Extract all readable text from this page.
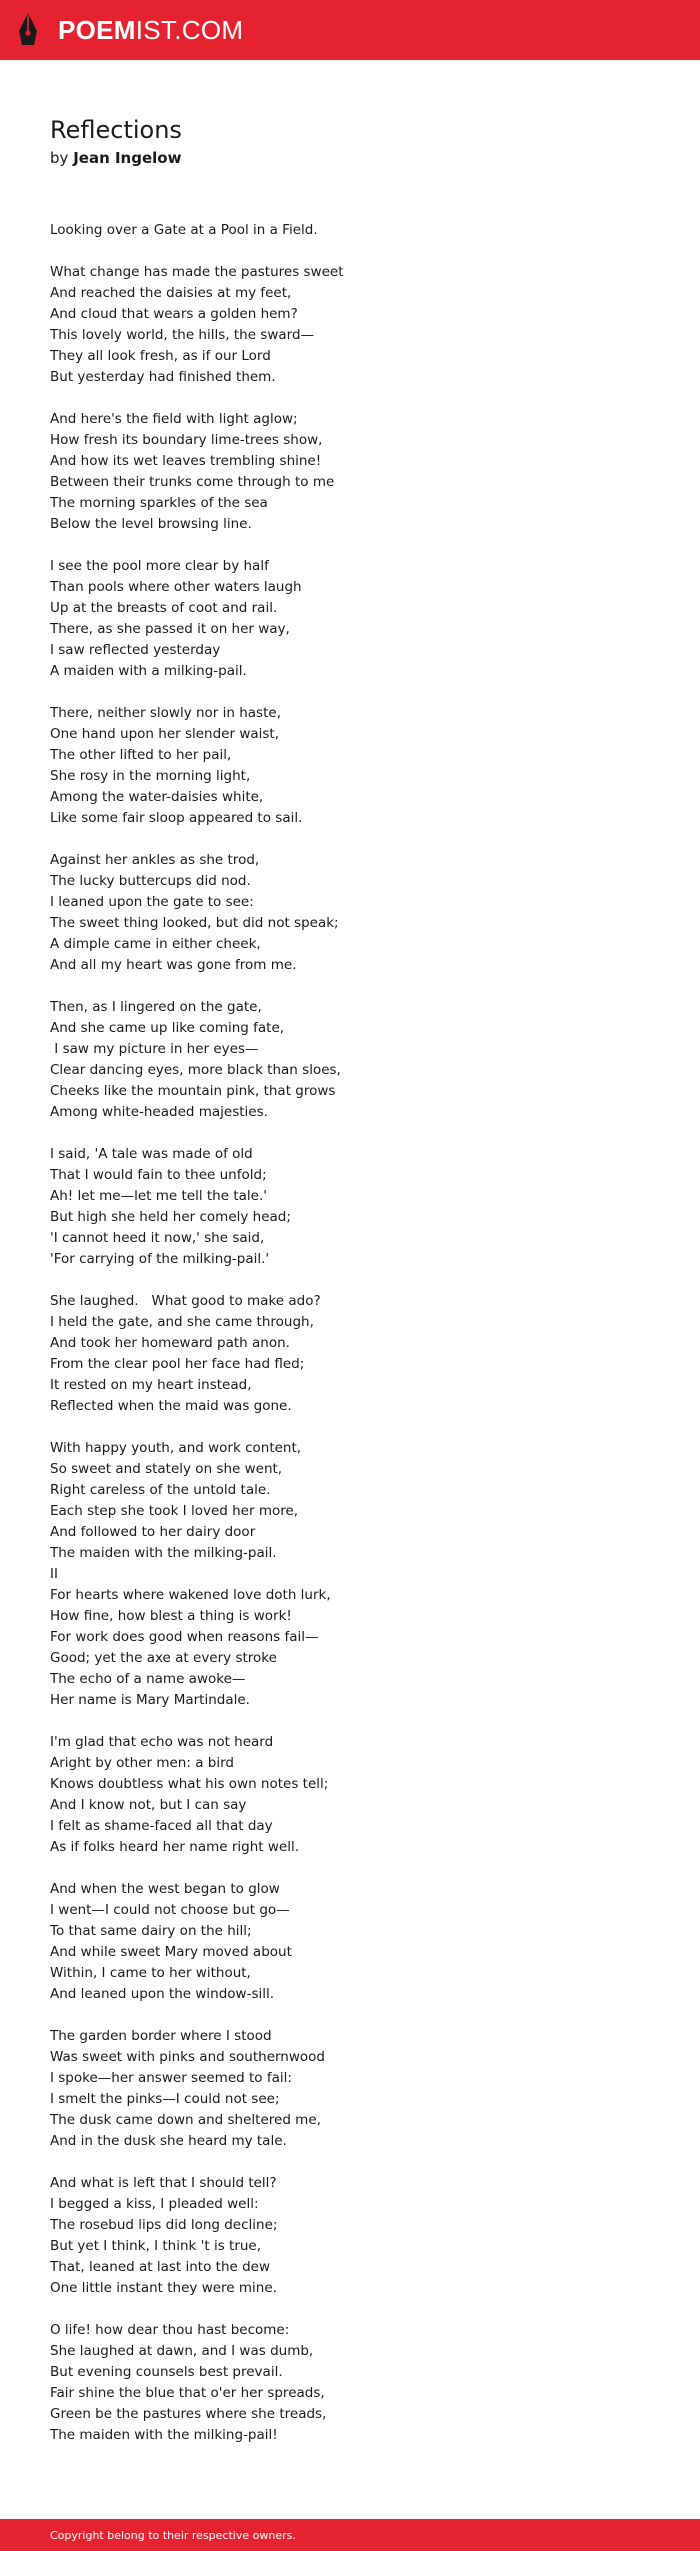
POEMIST.COM
Reflections
by Jean Ingelow
Looking over a Gate at a Pool in a Field.
What change has made the pastures sweet
And reached the daisies at my feet,
And cloud that wears a golden hem?
This lovely world, the hills, the sward—
They all look fresh, as if our Lord
But yesterday had finished them.
And here's the field with light aglow;
How fresh its boundary lime-trees show,
And how its wet leaves trembling shine!
Between their trunks come through to me
The morning sparkles of the sea
Below the level browsing line.
I see the pool more clear by half
Than pools where other waters laugh
Up at the breasts of coot and rail.
There, as she passed it on her way,
I saw reflected yesterday
A maiden with a milking-pail.
There, neither slowly nor in haste,
One hand upon her slender waist,
The other lifted to her pail,
She rosy in the morning light,
Among the water-daisies white,
Like some fair sloop appeared to sail.
Against her ankles as she trod,
The lucky buttercups did nod.
I leaned upon the gate to see:
The sweet thing looked, but did not speak;
A dimple came in either cheek,
And all my heart was gone from me.
Then, as I lingered on the gate,
And she came up like coming fate,
I saw my picture in her eyes—
Clear dancing eyes, more black than sloes,
Cheeks like the mountain pink, that grows
Among white-headed majesties.
I said, 'A tale was made of old
That I would fain to thee unfold;
Ah! let me—let me tell the tale.'
But high she held her comely head;
'I cannot heed it now,' she said,
'For carrying of the milking-pail.'
She laughed.   What good to make ado?
I held the gate, and she came through,
And took her homeward path anon.
From the clear pool her face had fled;
It rested on my heart instead,
Reflected when the maid was gone.
With happy youth, and work content,
So sweet and stately on she went,
Right careless of the untold tale.
Each step she took I loved her more,
And followed to her dairy door
The maiden with the milking-pail.
II
For hearts where wakened love doth lurk,
How fine, how blest a thing is work!
For work does good when reasons fail—
Good; yet the axe at every stroke
The echo of a name awoke—
Her name is Mary Martindale.
I'm glad that echo was not heard
Aright by other men: a bird
Knows doubtless what his own notes tell;
And I know not, but I can say
I felt as shame-faced all that day
As if folks heard her name right well.
And when the west began to glow
I went—I could not choose but go—
To that same dairy on the hill;
And while sweet Mary moved about
Within, I came to her without,
And leaned upon the window-sill.
The garden border where I stood
Was sweet with pinks and southernwood
I spoke—her answer seemed to fail:
I smelt the pinks—I could not see;
The dusk came down and sheltered me,
And in the dusk she heard my tale.
And what is left that I should tell?
I begged a kiss, I pleaded well:
The rosebud lips did long decline;
But yet I think, I think 't is true,
That, leaned at last into the dew
One little instant they were mine.
O life! how dear thou hast become:
She laughed at dawn, and I was dumb,
But evening counsels best prevail.
Fair shine the blue that o'er her spreads,
Green be the pastures where she treads,
The maiden with the milking-pail!
Copyright belong to their respective owners.
